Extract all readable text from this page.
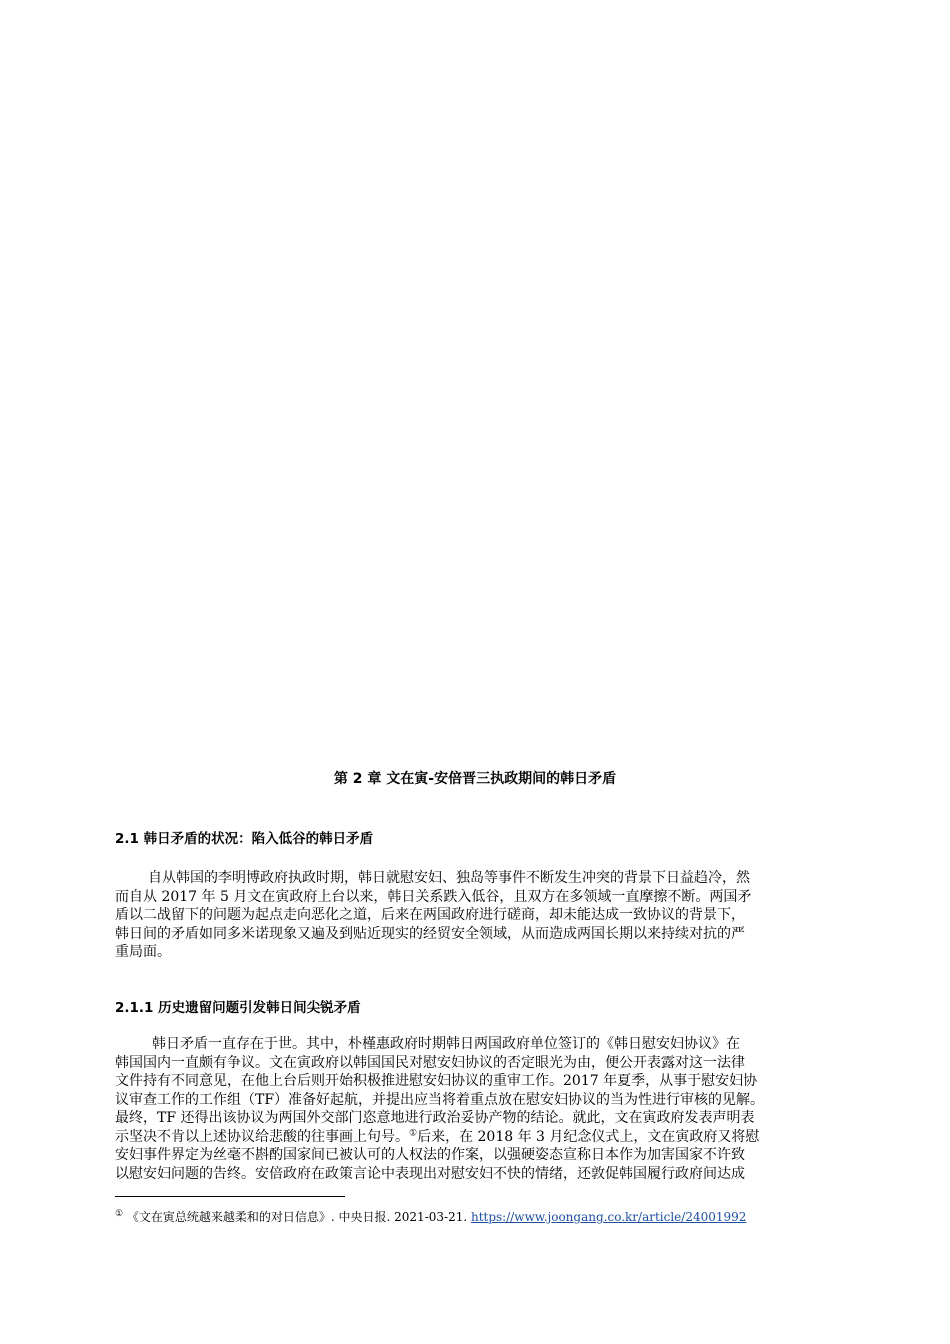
第 2 章 文在寅-安倍晋三执政期间的韩日矛盾
2.1 韩日矛盾的状况：陷入低谷的韩日矛盾
自从韩国的李明博政府执政时期，韩日就慰安妇、独岛等事件不断发生冲突的背景下日益趋冷，然
而自从 2017 年 5 月文在寅政府上台以来，韩日关系跌入低谷，且双方在多领域一直摩擦不断。两国矛
盾以二战留下的问题为起点走向恶化之道，后来在两国政府进行磋商，却未能达成一致协议的背景下，
韩日间的矛盾如同多米诺现象又遍及到贴近现实的经贸安全领域，从而造成两国长期以来持续对抗的严
重局面。
2.1.1 历史遗留问题引发韩日间尖锐矛盾
韩日矛盾一直存在于世。其中，朴槿惠政府时期韩日两国政府单位签订的《韩日慰安妇协议》在
韩国国内一直颇有争议。文在寅政府以韩国国民对慰安妇协议的否定眼光为由，便公开表露对这一法律
文件持有不同意见，在他上台后则开始积极推进慰安妇协议的重审工作。2017 年夏季，从事于慰安妇协
议审查工作的工作组（TF）准备好起航，并提出应当将着重点放在慰安妇协议的当为性进行审核的见解。
最终，TF 还得出该协议为两国外交部门恣意地进行政治妥协产物的结论。就此，文在寅政府发表声明表
示坚决不肯以上述协议给悲酸的往事画上句号。①后来，在 2018 年 3 月纪念仪式上，文在寅政府又将慰
安妇事件界定为丝毫不斟酌国家间已被认可的人权法的作案，以强硬姿态宣称日本作为加害国家不许致
以慰安妇问题的告终。安倍政府在政策言论中表现出对慰安妇不快的情绪，还敦促韩国履行政府间达成
① 《文在寅总统越来越柔和的对日信息》. 中央日报. 2021-03-21. https://www.joongang.co.kr/article/24001992
